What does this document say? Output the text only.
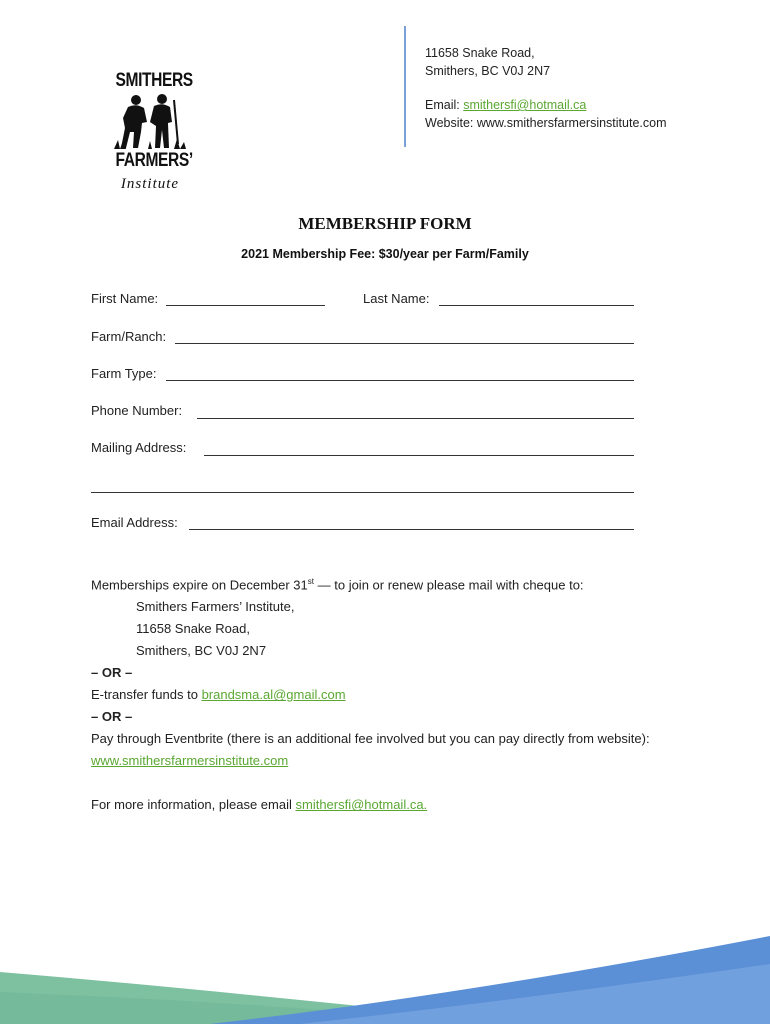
SMITHERS
FARMERS’
Institute
11658 Snake Road,
Smithers, BC V0J 2N7
Email: smithersfi@hotmail.ca
Website: www.smithersfarmersinstitute.com
MEMBERSHIP FORM
2021 Membership Fee: $30/year per Farm/Family
First Name:	Last Name:
Farm/Ranch:
Farm Type:
Phone Number:
Mailing Address:
Email Address:
Memberships expire on December 31st — to join or renew please mail with cheque to:
Smithers Farmers’ Institute,
11658 Snake Road,
Smithers, BC V0J 2N7
– OR –
E-transfer funds to brandsma.al@gmail.com
– OR –
Pay through Eventbrite (there is an additional fee involved but you can pay directly from website): www.smithersfarmersinstitute.com
For more information, please email smithersfi@hotmail.ca.
